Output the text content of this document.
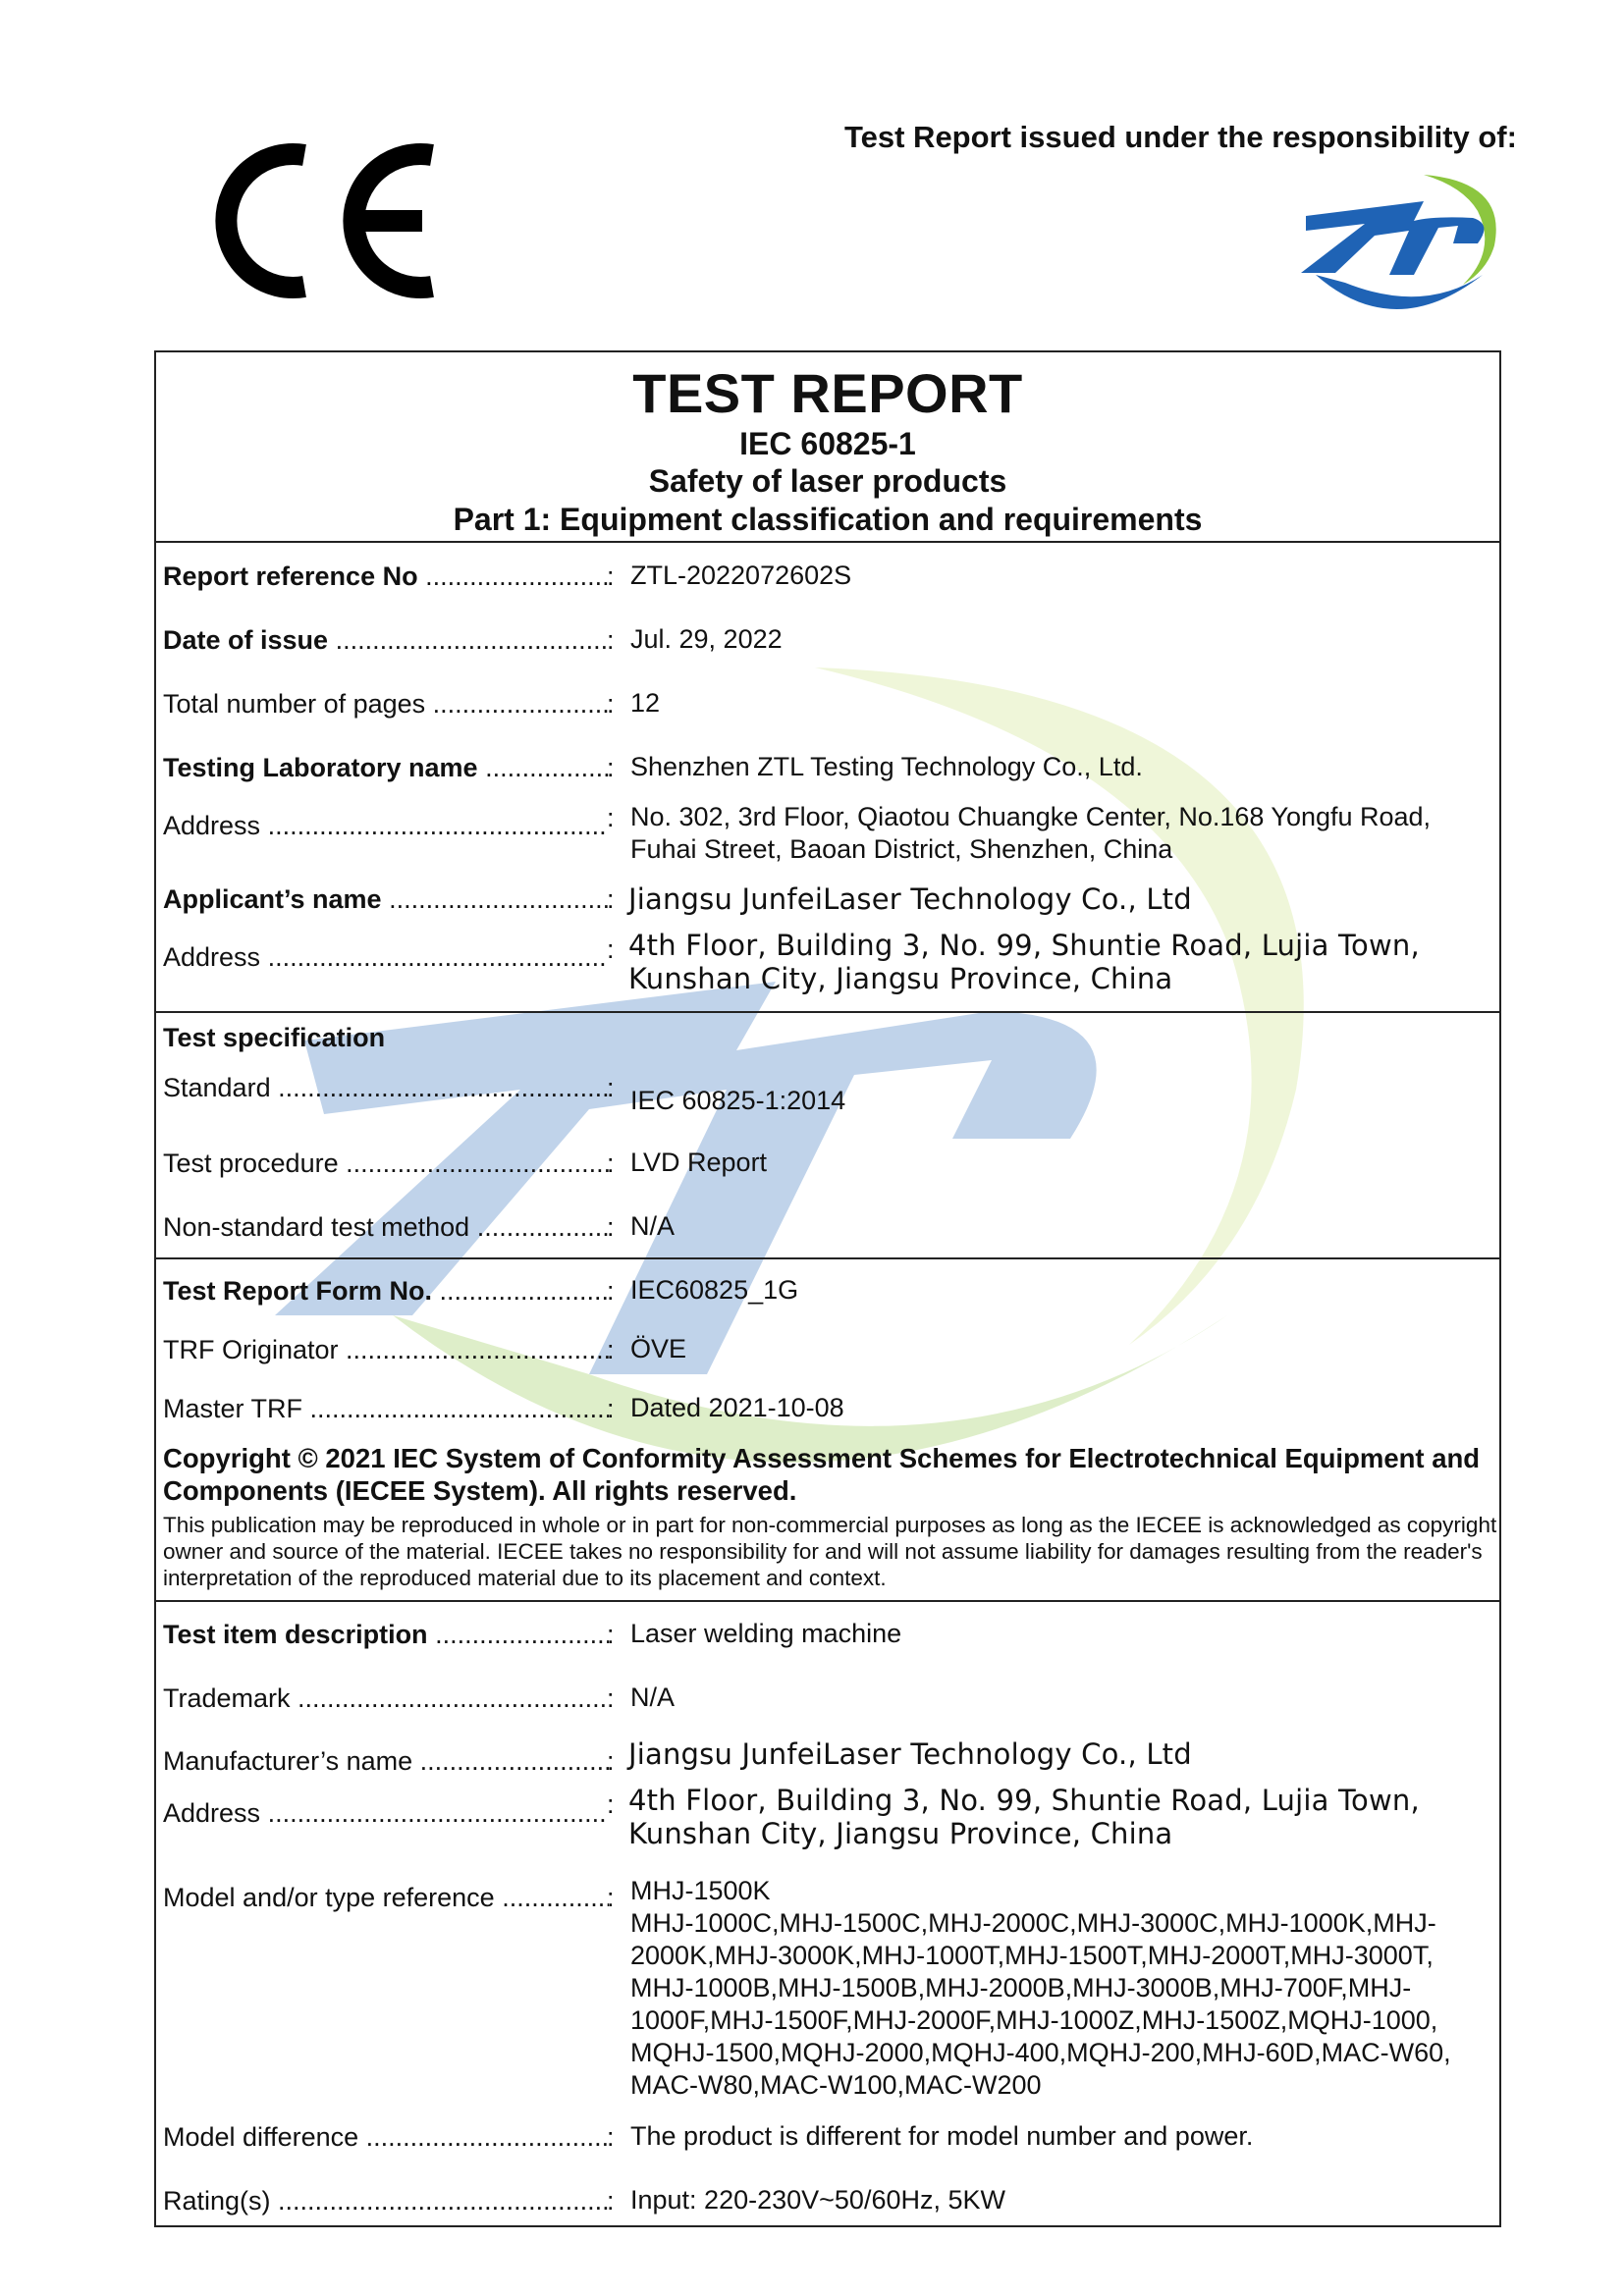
Test Report issued under the responsibility of:
TEST REPORT
IEC 60825-1
Safety of laser products
Part 1: Equipment classification and requirements
Report reference No .....	: ZTL-2022072602S
Date of issue .....	: Jul. 29, 2022
Total number of pages .....	: 12
Testing Laboratory name .....	: Shenzhen ZTL Testing Technology Co., Ltd.
Address .....	: No. 302, 3rd Floor, Qiaotou Chuangke Center, No.168 Yongfu Road,
Fuhai Street, Baoan District, Shenzhen, China
Applicant’s name .....	: Jiangsu JunfeiLaser Technology Co., Ltd
Address .....	: 4th Floor, Building 3, No. 99, Shuntie Road, Lujia Town,
Kunshan City, Jiangsu Province, China
Test specification
Standard .....	: IEC 60825-1:2014
Test procedure .....	: LVD Report
Non-standard test method .....	: N/A
Test Report Form No. .....	: IEC60825_1G
TRF Originator .....	: ÖVE
Master TRF .....	: Dated 2021-10-08
Copyright © 2021 IEC System of Conformity Assessment Schemes for Electrotechnical Equipment and Components (IECEE System). All rights reserved.
This publication may be reproduced in whole or in part for non-commercial purposes as long as the IECEE is acknowledged as copyright owner and source of the material. IECEE takes no responsibility for and will not assume liability for damages resulting from the reader's interpretation of the reproduced material due to its placement and context.
Test item description .....	: Laser welding machine
Trademark .....	: N/A
Manufacturer’s name .....	: Jiangsu JunfeiLaser Technology Co., Ltd
Address .....	: 4th Floor, Building 3, No. 99, Shuntie Road, Lujia Town,
Kunshan City, Jiangsu Province, China
Model and/or type reference .....	: MHJ-1500K
MHJ-1000C,MHJ-1500C,MHJ-2000C,MHJ-3000C,MHJ-1000K,MHJ-
2000K,MHJ-3000K,MHJ-1000T,MHJ-1500T,MHJ-2000T,MHJ-3000T,
MHJ-1000B,MHJ-1500B,MHJ-2000B,MHJ-3000B,MHJ-700F,MHJ-
1000F,MHJ-1500F,MHJ-2000F,MHJ-1000Z,MHJ-1500Z,MQHJ-1000,
MQHJ-1500,MQHJ-2000,MQHJ-400,MQHJ-200,MHJ-60D,MAC-W60,
MAC-W80,MAC-W100,MAC-W200
Model difference .....	: The product is different for model number and power.
Rating(s) .....	: Input: 220-230V~50/60Hz, 5KW
